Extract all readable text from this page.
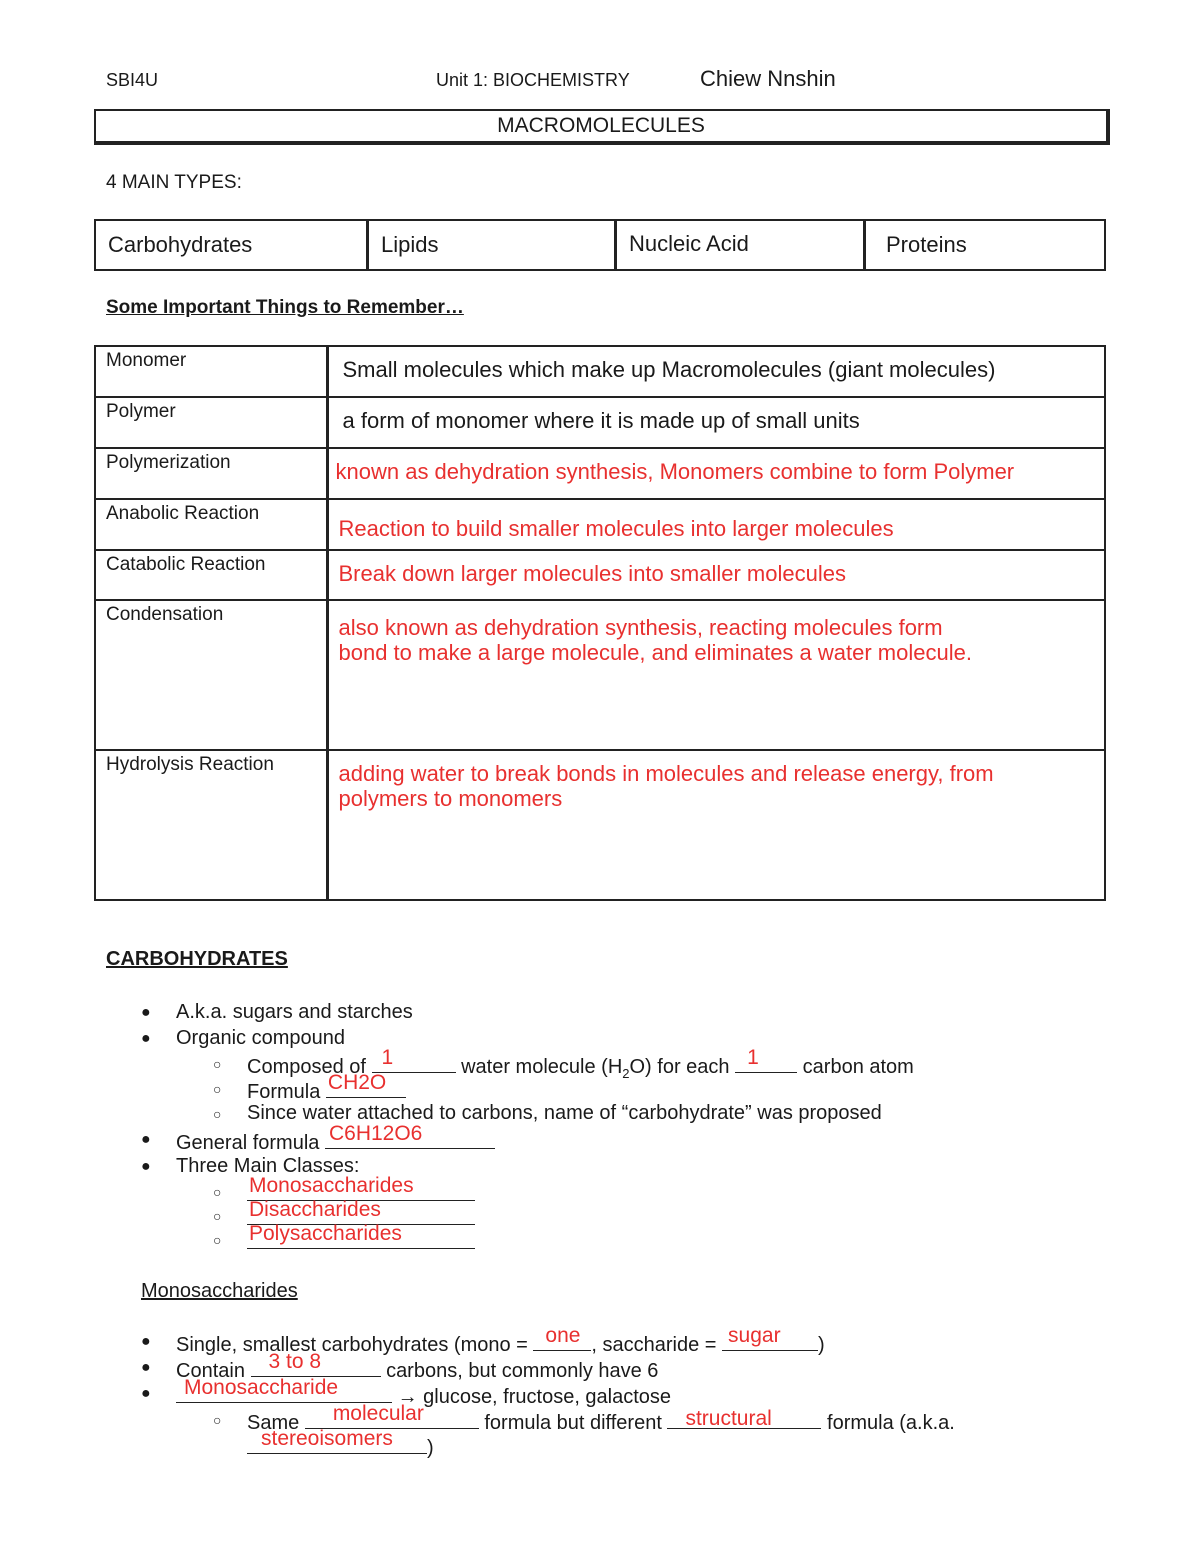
SBI4U	Unit 1: BIOCHEMISTRY	Chiew Nnshin
MACROMOLECULES
4 MAIN TYPES:
Carbohydrates	Lipids	Nucleic Acid	Proteins
Some Important Things to Remember…
Monomer	Small molecules which make up Macromolecules (giant molecules)
Polymer	a form of monomer where it is made up of small units
Polymerization	known as dehydration synthesis, Monomers combine to form Polymer
Anabolic Reaction	Reaction to build smaller molecules into larger molecules
Catabolic Reaction	Break down larger molecules into smaller molecules
Condensation	also known as dehydration synthesis, reacting molecules form bond to make a large molecule, and eliminates a water molecule.
Hydrolysis Reaction	adding water to break bonds in molecules and release energy, from polymers to monomers
CARBOHYDRATES
● A.k.a. sugars and starches
● Organic compound
○ Composed of 1	water molecule $(H_2O)$ for each 1 carbon atom
○ Formula CH2O
○ Since water attached to carbons, name of “carbohydrate” was proposed
● General formula C6H12O6
● Three Main Classes:
○ Monosaccharides
○ Disaccharides
○ Polysaccharides
Monosaccharides
● Single, smallest carbohydrates (mono = one , saccharide = sugar )
● Contain 3 to 8	carbons, but commonly have 6
● Monosaccharide	→ glucose, fructose, galactose
○ Same molecular	formula but different structural	formula (a.k.a.
stereoisomers )
